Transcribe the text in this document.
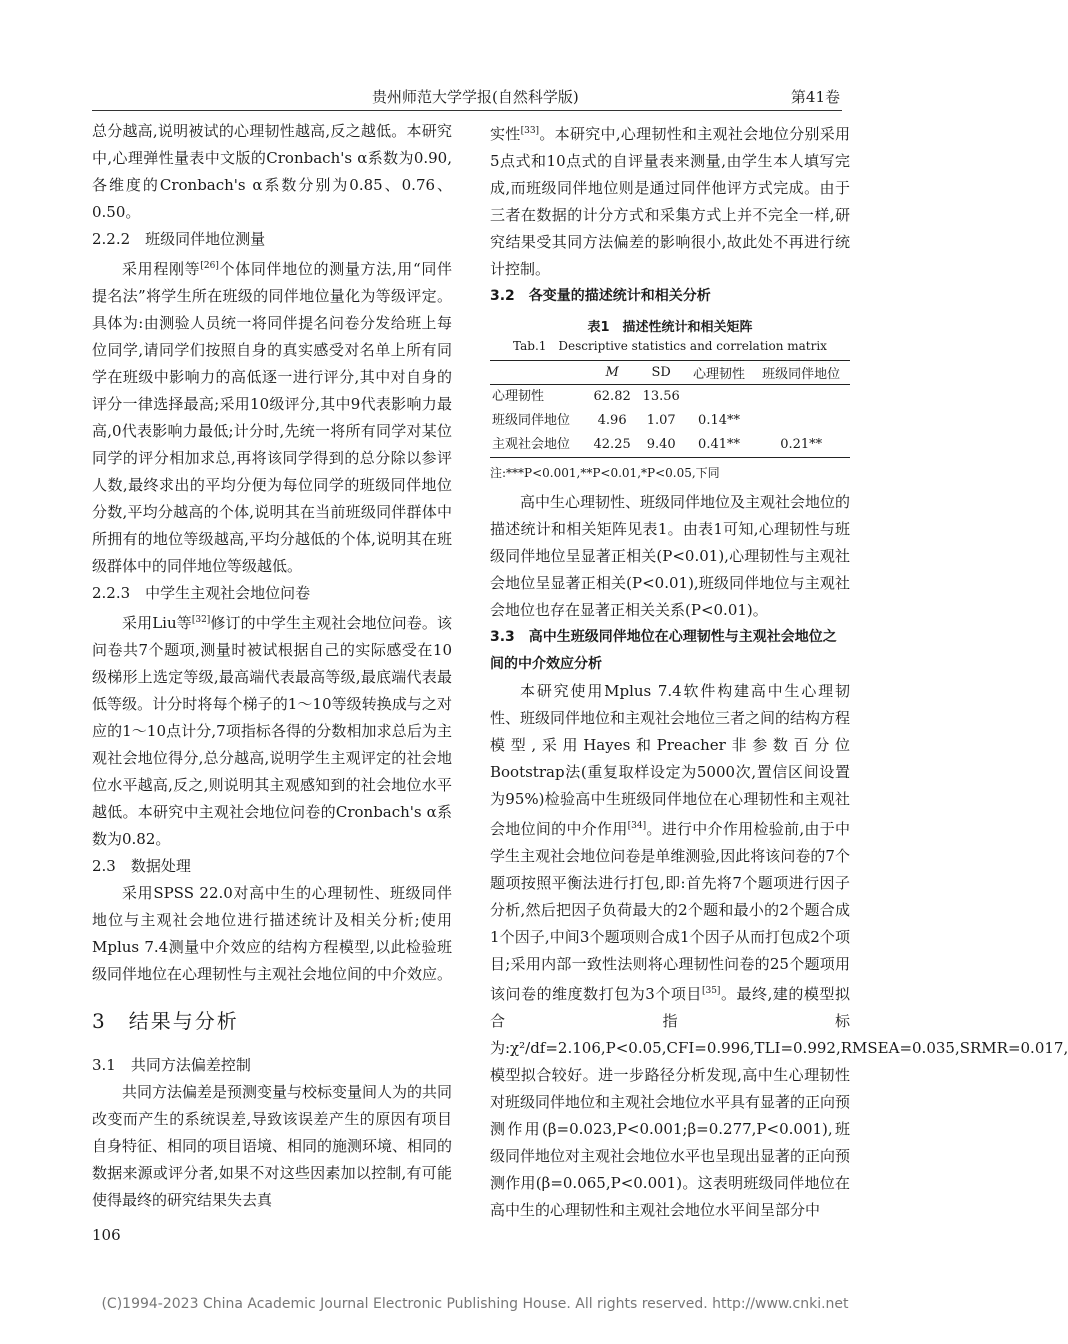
贵州师范大学学报(自然科学版)	第41卷

总分越高,说明被试的心理韧性越高,反之越低。本研究中,心理弹性量表中文版的Cronbach's α系数为0.90,各维度的Cronbach's α系数分别为0.85、0.76、0.50。

2.2.2　班级同伴地位测量

采用程刚等[26]个体同伴地位的测量方法,用“同伴提名法”将学生所在班级的同伴地位量化为等级评定。具体为:由测验人员统一将同伴提名问卷分发给班上每位同学,请同学们按照自身的真实感受对名单上所有同学在班级中影响力的高低逐一进行评分,其中对自身的评分一律选择最高;采用10级评分,其中9代表影响力最高,0代表影响力最低;计分时,先统一将所有同学对某位同学的评分相加求总,再将该同学得到的总分除以参评人数,最终求出的平均分便为每位同学的班级同伴地位分数,平均分越高的个体,说明其在当前班级同伴群体中所拥有的地位等级越高,平均分越低的个体,说明其在班级群体中的同伴地位等级越低。

2.2.3　中学生主观社会地位问卷

采用Liu等[32]修订的中学生主观社会地位问卷。该问卷共7个题项,测量时被试根据自己的实际感受在10级梯形上选定等级,最高端代表最高等级,最底端代表最低等级。计分时将每个梯子的1～10等级转换成与之对应的1～10点计分,7项指标各得的分数相加求总后为主观社会地位得分,总分越高,说明学生主观评定的社会地位水平越高,反之,则说明其主观感知到的社会地位水平越低。本研究中主观社会地位问卷的Cronbach's α系数为0.82。

2.3　数据处理

采用SPSS 22.0对高中生的心理韧性、班级同伴地位与主观社会地位进行描述统计及相关分析;使用Mplus 7.4测量中介效应的结构方程模型,以此检验班级同伴地位在心理韧性与主观社会地位间的中介效应。

3　结果与分析

3.1　共同方法偏差控制

共同方法偏差是预测变量与校标变量间人为的共同改变而产生的系统误差,导致该误差产生的原因有项目自身特征、相同的项目语境、相同的施测环境、相同的数据来源或评分者,如果不对这些因素加以控制,有可能使得最终的研究结果失去真

实性[33]。本研究中,心理韧性和主观社会地位分别采用5点式和10点式的自评量表来测量,由学生本人填写完成,而班级同伴地位则是通过同伴他评方式完成。由于三者在数据的计分方式和采集方式上并不完全一样,研究结果受其同方法偏差的影响很小,故此处不再进行统计控制。

3.2　各变量的描述统计和相关分析

表1　描述性统计和相关矩阵
Tab.1　Descriptive statistics and correlation matrix
	M	SD	心理韧性	班级同伴地位
心理韧性	62.82	13.56		
班级同伴地位	4.96	1.07	0.14**	
主观社会地位	42.25	9.40	0.41**	0.21**
注:***P<0.001,**P<0.01,*P<0.05,下同

高中生心理韧性、班级同伴地位及主观社会地位的描述统计和相关矩阵见表1。由表1可知,心理韧性与班级同伴地位呈显著正相关(P<0.01),心理韧性与主观社会地位呈显著正相关(P<0.01),班级同伴地位与主观社会地位也存在显著正相关关系(P<0.01)。

3.3　高中生班级同伴地位在心理韧性与主观社会地位之间的中介效应分析

本研究使用Mplus 7.4软件构建高中生心理韧性、班级同伴地位和主观社会地位三者之间的结构方程模型,采用Hayes和Preacher非参数百分位Bootstrap法(重复取样设定为5000次,置信区间设置为95%)检验高中生班级同伴地位在心理韧性和主观社会地位间的中介作用[34]。进行中介作用检验前,由于中学生主观社会地位问卷是单维测验,因此将该问卷的7个题项按照平衡法进行打包,即:首先将7个题项进行因子分析,然后把因子负荷最大的2个题和最小的2个题合成1个因子,中间3个题项则合成1个因子从而打包成2个项目;采用内部一致性法则将心理韧性问卷的25个题项用该问卷的维度数打包为3个项目[35]。最终,建的模型拟合指标为:χ²/df=2.106,P<0.05,CFI=0.996,TLI=0.992,RMSEA=0.035,SRMR=0.017,模型拟合较好。进一步路径分析发现,高中生心理韧性对班级同伴地位和主观社会地位水平具有显著的正向预测作用(β=0.023,P<0.001;β=0.277,P<0.001),班级同伴地位对主观社会地位水平也呈现出显著的正向预测作用(β=0.065,P<0.001)。这表明班级同伴地位在高中生的心理韧性和主观社会地位水平间呈部分中

106
(C)1994-2023 China Academic Journal Electronic Publishing House. All rights reserved. http://www.cnki.net
